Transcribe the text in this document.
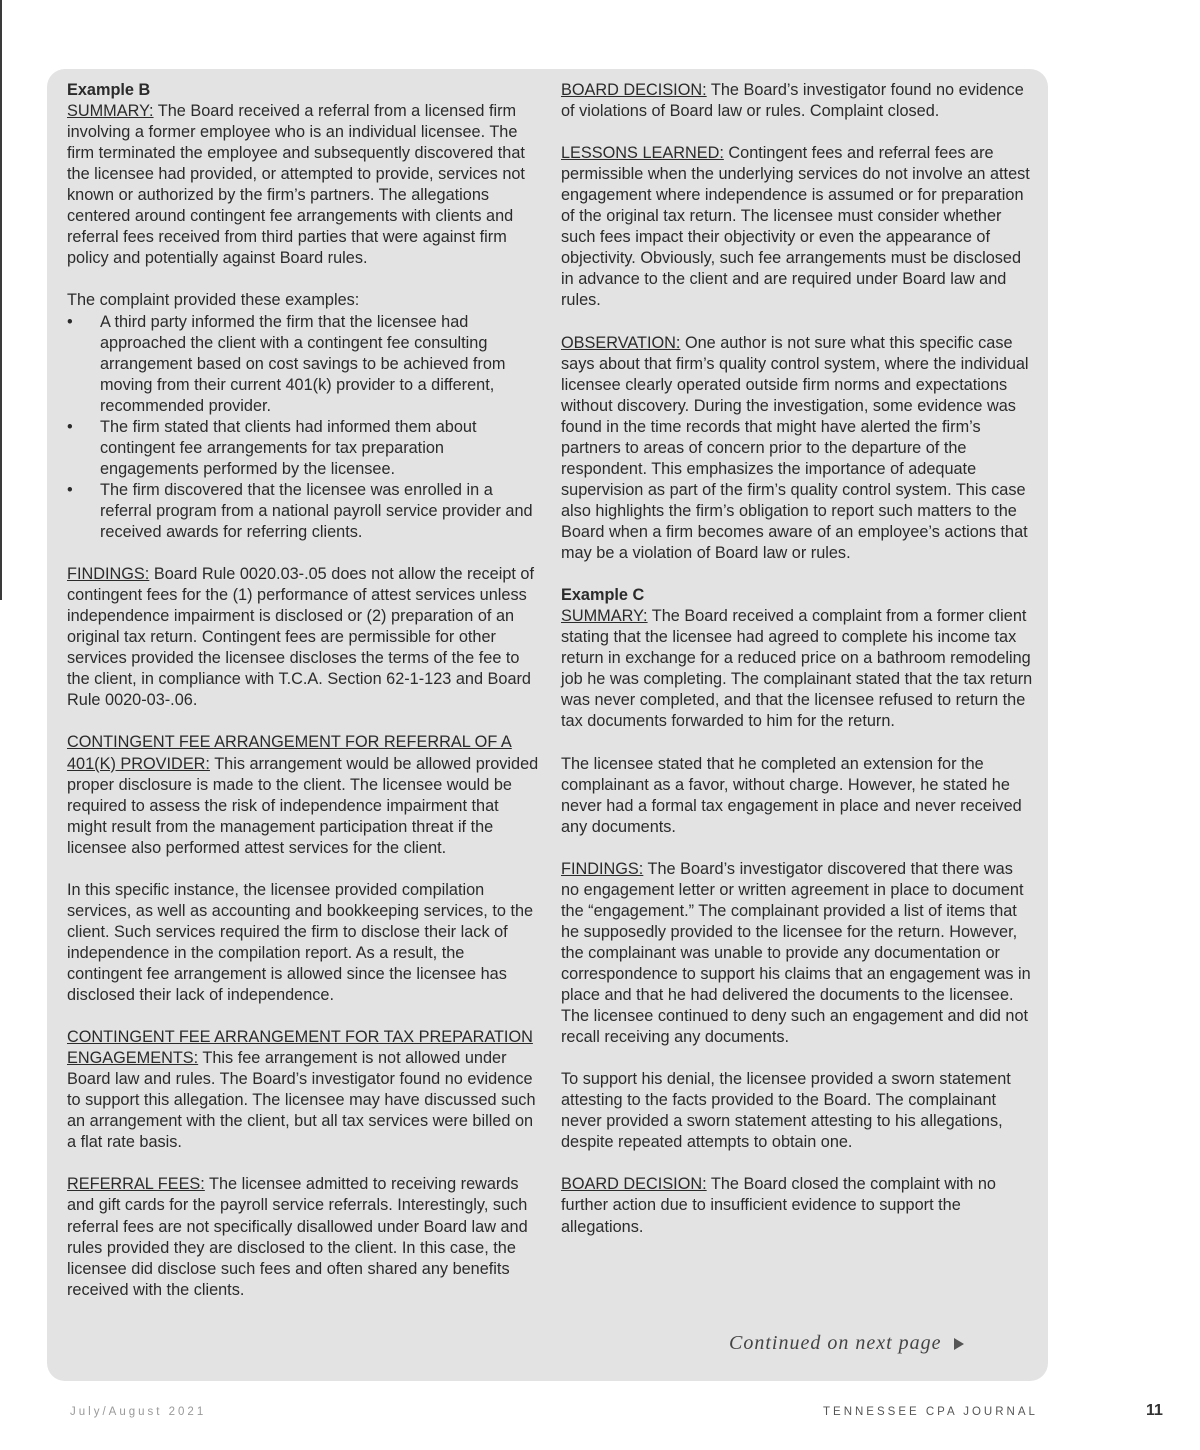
Example B

SUMMARY: The Board received a referral from a licensed firm involving a former employee who is an individual licensee. The firm terminated the employee and subsequently discovered that the licensee had provided, or attempted to provide, services not known or authorized by the firm’s partners. The allegations centered around contingent fee arrangements with clients and referral fees received from third parties that were against firm policy and potentially against Board rules.

The complaint provided these examples:

• A third party informed the firm that the licensee had approached the client with a contingent fee consulting arrangement based on cost savings to be achieved from moving from their current 401(k) provider to a different, recommended provider.
• The firm stated that clients had informed them about contingent fee arrangements for tax preparation engagements performed by the licensee.
• The firm discovered that the licensee was enrolled in a referral program from a national payroll service provider and received awards for referring clients.

FINDINGS: Board Rule 0020.03-.05 does not allow the receipt of contingent fees for the (1) performance of attest services unless independence impairment is disclosed or (2) preparation of an original tax return. Contingent fees are permissible for other services provided the licensee discloses the terms of the fee to the client, in compliance with T.C.A. Section 62-1-123 and Board Rule 0020-03-.06.

CONTINGENT FEE ARRANGEMENT FOR REFERRAL OF A 401(K) PROVIDER: This arrangement would be allowed provided proper disclosure is made to the client. The licensee would be required to assess the risk of independence impairment that might result from the management participation threat if the licensee also performed attest services for the client.

In this specific instance, the licensee provided compilation services, as well as accounting and bookkeeping services, to the client. Such services required the firm to disclose their lack of independence in the compilation report. As a result, the contingent fee arrangement is allowed since the licensee has disclosed their lack of independence.

CONTINGENT FEE ARRANGEMENT FOR TAX PREPARATION ENGAGEMENTS: This fee arrangement is not allowed under Board law and rules. The Board’s investigator found no evidence to support this allegation. The licensee may have discussed such an arrangement with the client, but all tax services were billed on a flat rate basis.

REFERRAL FEES: The licensee admitted to receiving rewards and gift cards for the payroll service referrals. Interestingly, such referral fees are not specifically disallowed under Board law and rules provided they are disclosed to the client. In this case, the licensee did disclose such fees and often shared any benefits received with the clients.

BOARD DECISION: The Board’s investigator found no evidence of violations of Board law or rules. Complaint closed.

LESSONS LEARNED: Contingent fees and referral fees are permissible when the underlying services do not involve an attest engagement where independence is assumed or for preparation of the original tax return. The licensee must consider whether such fees impact their objectivity or even the appearance of objectivity. Obviously, such fee arrangements must be disclosed in advance to the client and are required under Board law and rules.

OBSERVATION: One author is not sure what this specific case says about that firm’s quality control system, where the individual licensee clearly operated outside firm norms and expectations without discovery. During the investigation, some evidence was found in the time records that might have alerted the firm’s partners to areas of concern prior to the departure of the respondent. This emphasizes the importance of adequate supervision as part of the firm’s quality control system. This case also highlights the firm’s obligation to report such matters to the Board when a firm becomes aware of an employee’s actions that may be a violation of Board law or rules.

Example C

SUMMARY: The Board received a complaint from a former client stating that the licensee had agreed to complete his income tax return in exchange for a reduced price on a bathroom remodeling job he was completing. The complainant stated that the tax return was never completed, and that the licensee refused to return the tax documents forwarded to him for the return.

The licensee stated that he completed an extension for the complainant as a favor, without charge. However, he stated he never had a formal tax engagement in place and never received any documents.

FINDINGS: The Board’s investigator discovered that there was no engagement letter or written agreement in place to document the “engagement.” The complainant provided a list of items that he supposedly provided to the licensee for the return. However, the complainant was unable to provide any documentation or correspondence to support his claims that an engagement was in place and that he had delivered the documents to the licensee. The licensee continued to deny such an engagement and did not recall receiving any documents.

To support his denial, the licensee provided a sworn statement attesting to the facts provided to the Board. The complainant never provided a sworn statement attesting to his allegations, despite repeated attempts to obtain one.

BOARD DECISION: The Board closed the complaint with no further action due to insufficient evidence to support the allegations.

Continued on next page
July/August 2021	TENNESSEE CPA JOURNAL	11
